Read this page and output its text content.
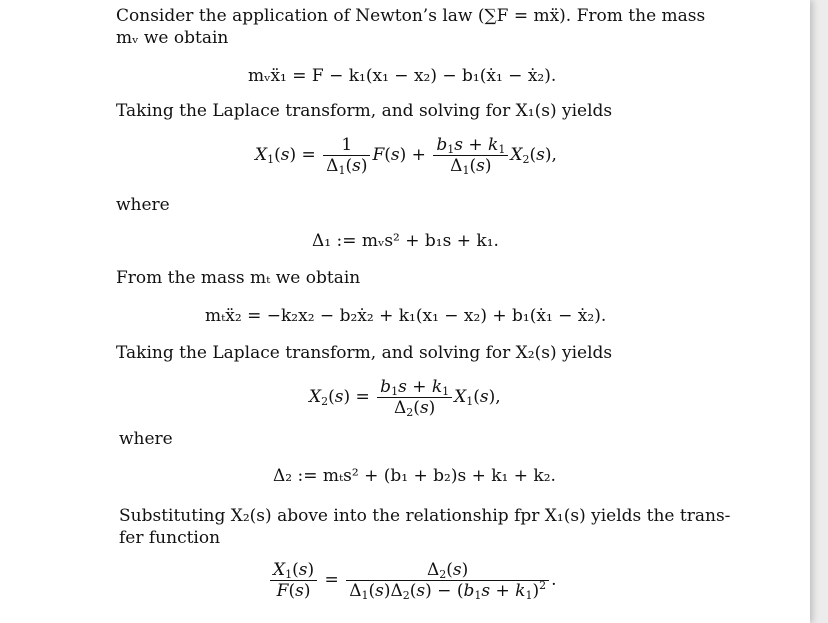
Consider the application of Newton’s law (∑F = mẍ). From the mass
mᵥ we obtain
mᵥẍ₁ = F − k₁(x₁ − x₂) − b₁(ẋ₁ − ẋ₂).
Taking the Laplace transform, and solving for X₁(s) yields
$X_1(s) = \frac{1}{\Delta_1(s)} F(s) + \frac{b_1s + k_1}{\Delta_1(s)} X_2(s)$,
where
Δ₁ := mᵥs² + b₁s + k₁.
From the mass mₜ we obtain
mₜẍ₂ = −k₂x₂ − b₂ẋ₂ + k₁(x₁ − x₂) + b₁(ẋ₁ − ẋ₂).
Taking the Laplace transform, and solving for X₂(s) yields
$X_2(s) = \frac{b_1s + k_1}{\Delta_2(s)} X_1(s)$,
where
Δ₂ := mₜs² + (b₁ + b₂)s + k₁ + k₂.
Substituting X₂(s) above into the relationship fpr X₁(s) yields the trans-
fer function
$\frac{X_1(s)}{F(s)} = \frac{\Delta_2(s)}{\Delta_1(s)\Delta_2(s) - (b_1s + k_1)^2}$ .
